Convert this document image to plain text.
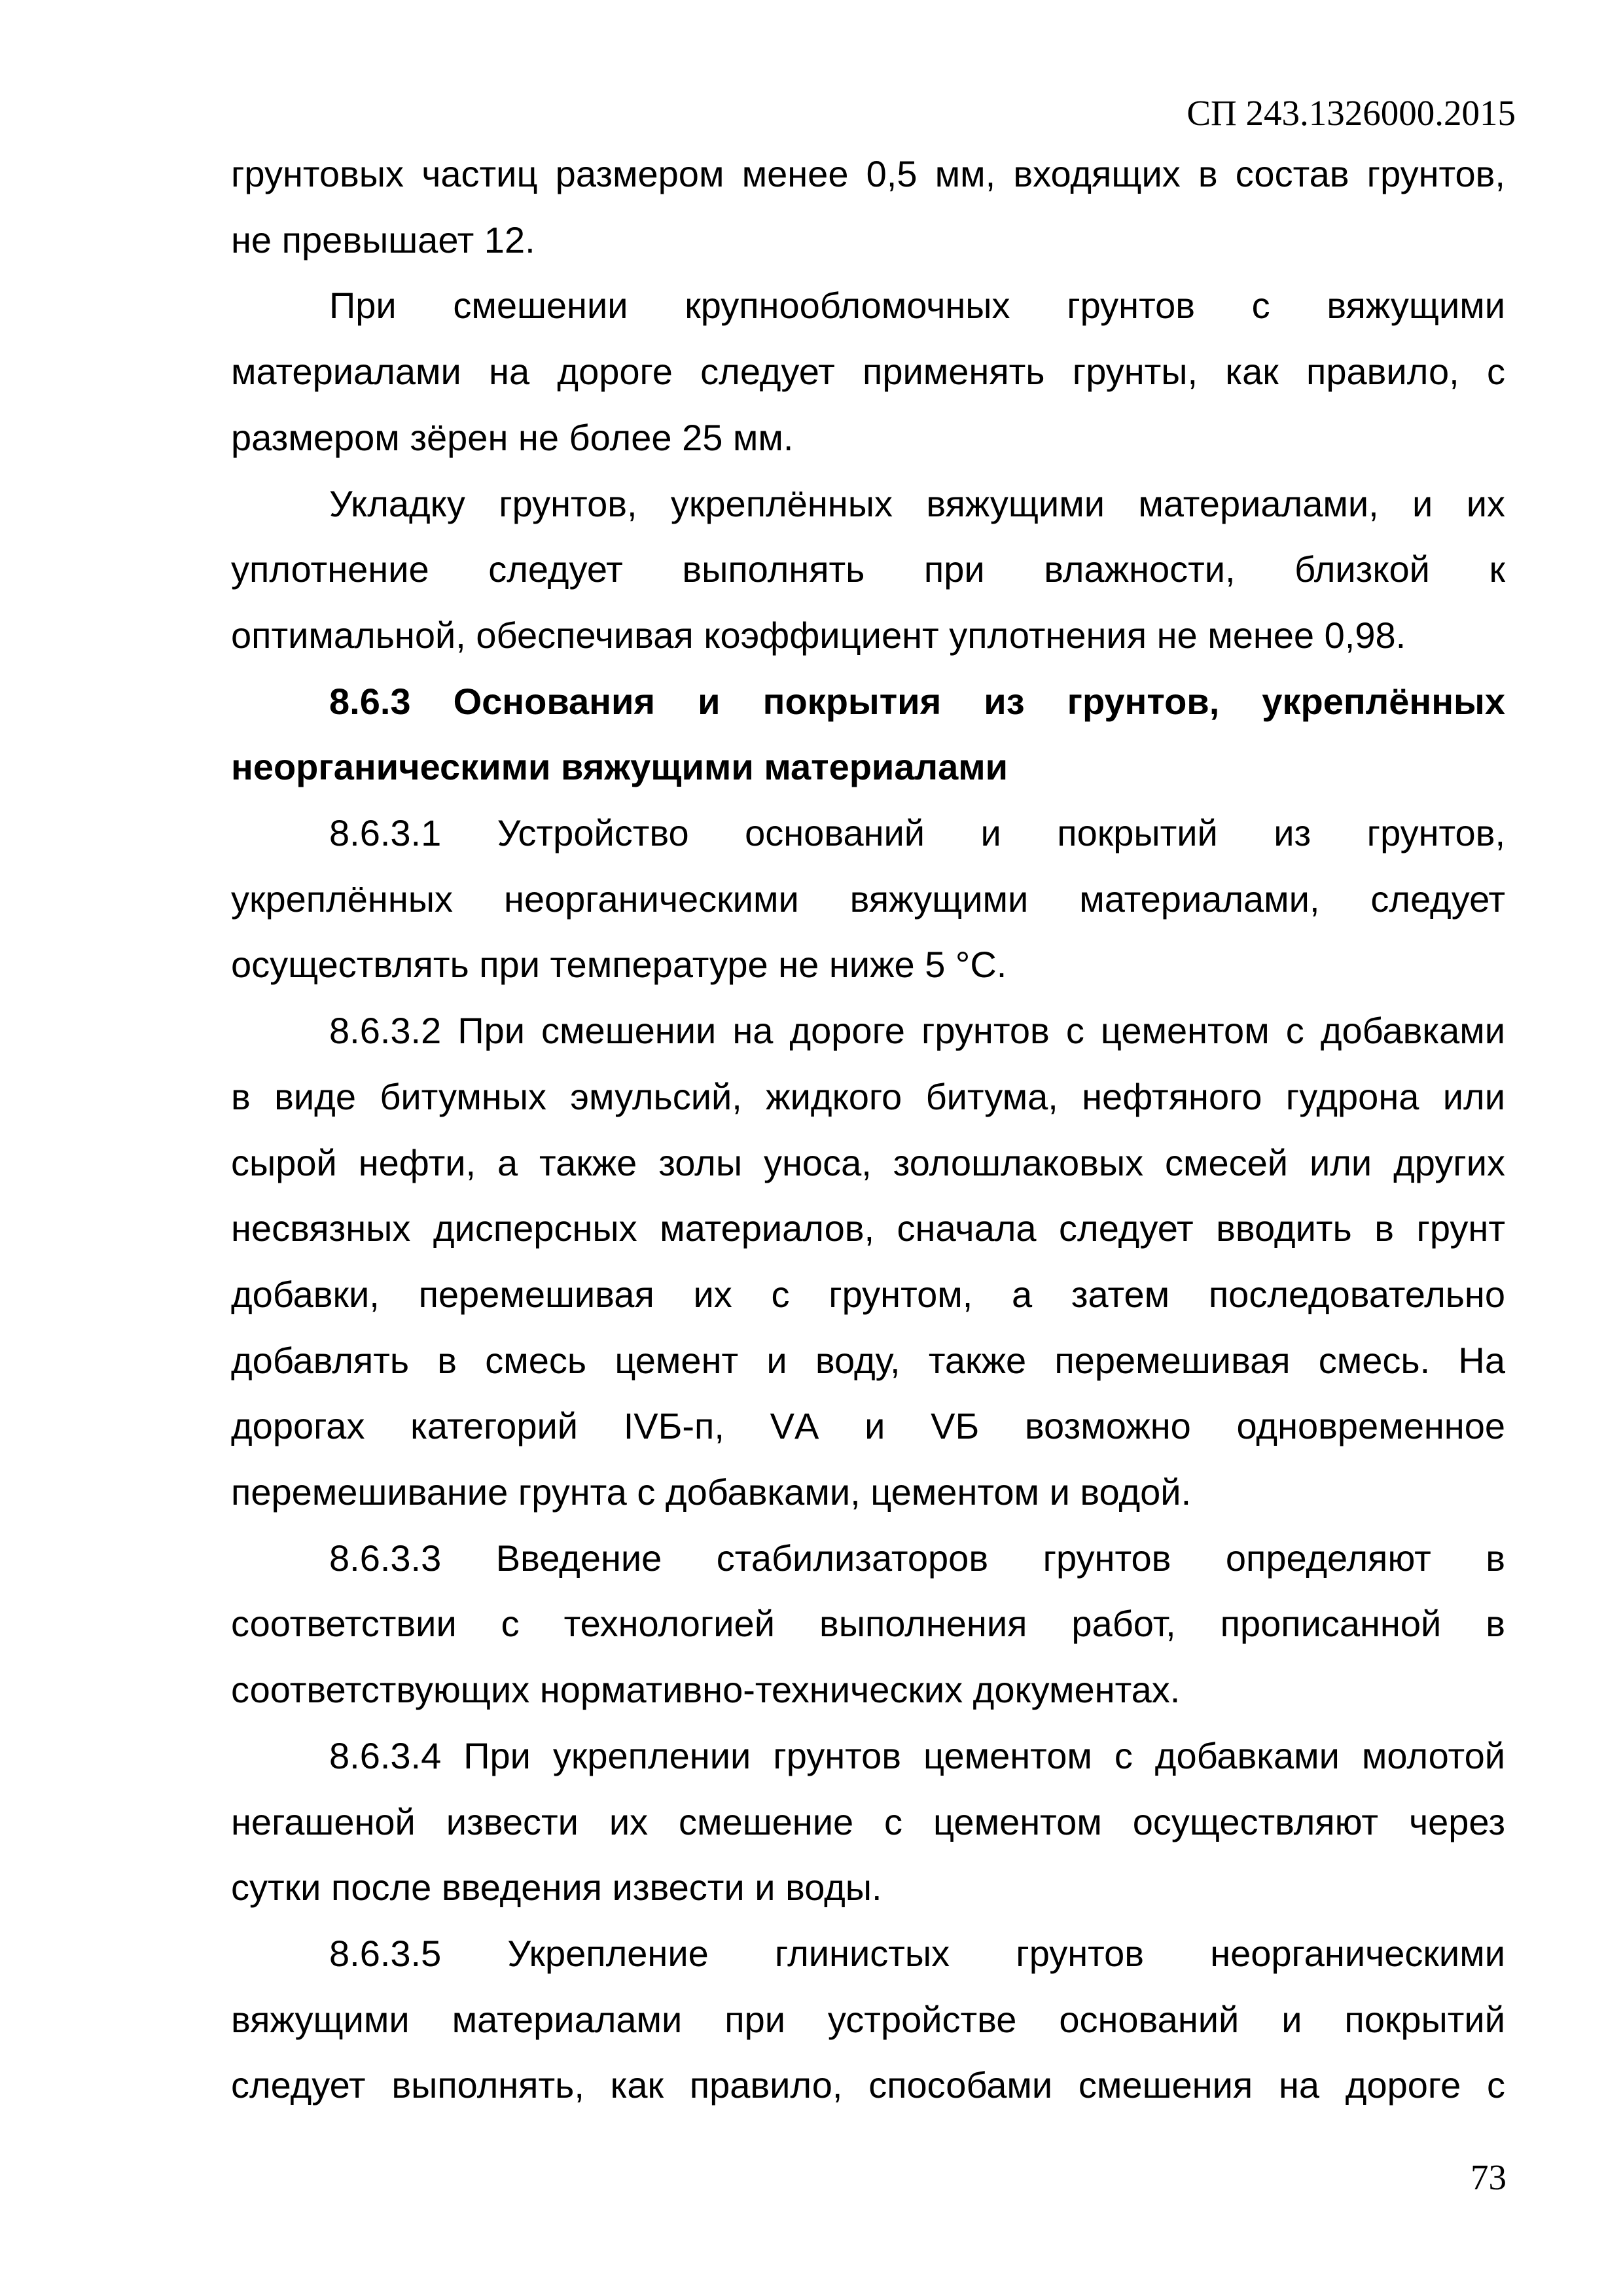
СП 243.1326000.2015
грунтовых частиц размером менее 0,5 мм, входящих в состав грунтов,
не превышает 12.
При смешении крупнообломочных грунтов с вяжущими
материалами на дороге следует применять грунты, как правило, с
размером зёрен не более 25 мм.
Укладку грунтов, укреплённых вяжущими материалами, и их
уплотнение следует выполнять при влажности, близкой к
оптимальной, обеспечивая коэффициент уплотнения не менее 0,98.
8.6.3 Основания и покрытия из грунтов, укреплённых
неорганическими вяжущими материалами
8.6.3.1 Устройство оснований и покрытий из грунтов,
укреплённых неорганическими вяжущими материалами, следует
осуществлять при температуре не ниже 5 °С.
8.6.3.2 При смешении на дороге грунтов с цементом с добавками
в виде битумных эмульсий, жидкого битума, нефтяного гудрона или
сырой нефти, а также золы уноса, золошлаковых смесей или других
несвязных дисперсных материалов, сначала следует вводить в грунт
добавки, перемешивая их с грунтом, а затем последовательно
добавлять в смесь цемент и воду, также перемешивая смесь. На
дорогах категорий IVБ-п, VА и VБ возможно одновременное
перемешивание грунта с добавками, цементом и водой.
8.6.3.3 Введение стабилизаторов грунтов определяют в
соответствии с технологией выполнения работ, прописанной в
соответствующих нормативно-технических документах.
8.6.3.4 При укреплении грунтов цементом с добавками молотой
негашеной извести их смешение с цементом осуществляют через
сутки после введения извести и воды.
8.6.3.5 Укрепление глинистых грунтов неорганическими
вяжущими материалами при устройстве оснований и покрытий
следует выполнять, как правило, способами смешения на дороге с
73
